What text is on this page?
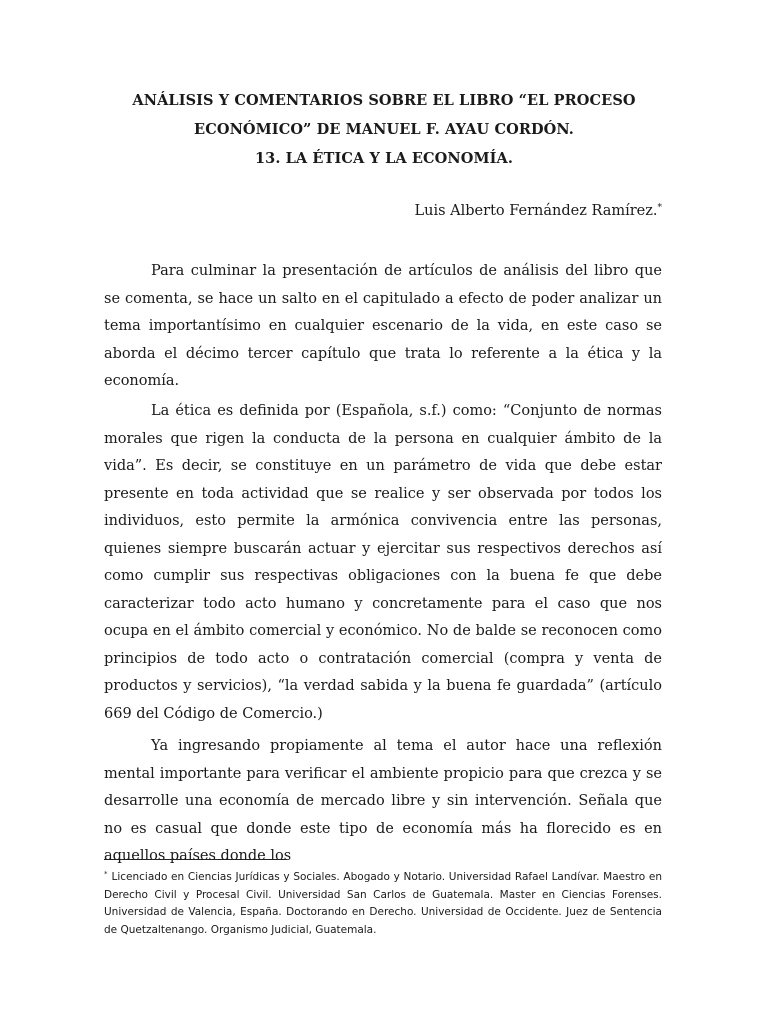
ANÁLISIS Y COMENTARIOS SOBRE EL LIBRO “EL PROCESO
ECONÓMICO” DE MANUEL F. AYAU CORDÓN.
13. LA ÉTICA Y LA ECONOMÍA.
Luis Alberto Fernández Ramírez.*

Para culminar la presentación de artículos de análisis del libro que se comenta, se hace un salto en el capitulado a efecto de poder analizar un tema importantísimo en cualquier escenario de la vida, en este caso se aborda el décimo tercer capítulo que trata lo referente a la ética y la economía.

La ética es definida por (Española, s.f.) como: “Conjunto de normas morales que rigen la conducta de la persona en cualquier ámbito de la vida”. Es decir, se constituye en un parámetro de vida que debe estar presente en toda actividad que se realice y ser observada por todos los individuos, esto permite la armónica convivencia entre las personas, quienes siempre buscarán actuar y ejercitar sus respectivos derechos así como cumplir sus respectivas obligaciones con la buena fe que debe caracterizar todo acto humano y concretamente para el caso que nos ocupa en el ámbito comercial y económico. No de balde se reconocen como principios de todo acto o contratación comercial (compra y venta de productos y servicios), “la verdad sabida y la buena fe guardada” (artículo 669 del Código de Comercio.)

Ya ingresando propiamente al tema el autor hace una reflexión mental importante para verificar el ambiente propicio para que crezca y se desarrolle una economía de mercado libre y sin intervención. Señala que no es casual que donde este tipo de economía más ha florecido es en aquellos países donde los

* Licenciado en Ciencias Jurídicas y Sociales. Abogado y Notario. Universidad Rafael Landívar. Maestro en Derecho Civil y Procesal Civil. Universidad San Carlos de Guatemala. Master en Ciencias Forenses. Universidad de Valencia, España. Doctorando en Derecho. Universidad de Occidente. Juez de Sentencia de Quetzaltenango. Organismo Judicial, Guatemala.
